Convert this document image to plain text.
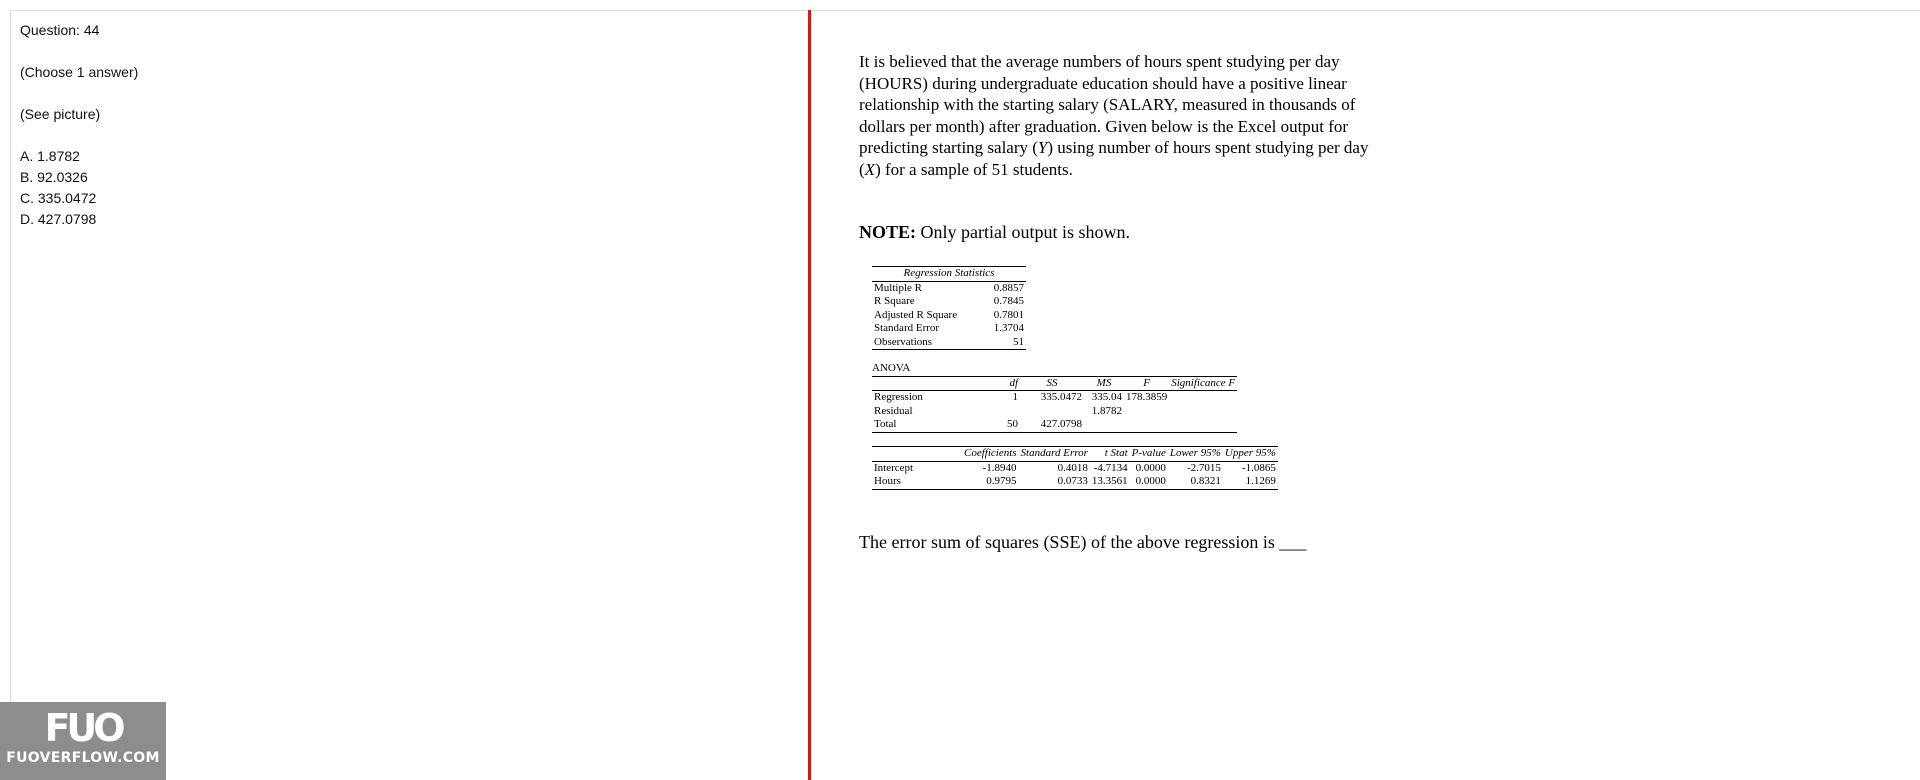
Question: 44
(Choose 1 answer)
(See picture)
A. 1.8782
B. 92.0326
C. 335.0472
D. 427.0798
It is believed that the average numbers of hours spent studying per day (HOURS) during undergraduate education should have a positive linear relationship with the starting salary (SALARY, measured in thousands of dollars per month) after graduation. Given below is the Excel output for predicting starting salary (Y) using number of hours spent studying per day (X) for a sample of 51 students.
NOTE: Only partial output is shown.
Regression Statistics	
Multiple R	0.8857
R Square	0.7845
Adjusted R Square	0.7801
Standard Error	1.3704
Observations	51
ANOVA
	df	SS	MS	F	Significance F
Regression	1	335.0472	335.04	178.3859	
Residual			1.8782		
Total	50	427.0798			
	Coefficients	Standard Error	t Stat	P-value	Lower 95%	Upper 95%
Intercept	-1.8940	0.4018	-4.7134	0.0000	-2.7015	-1.0865
Hours	0.9795	0.0733	13.3561	0.0000	0.8321	1.1269
The error sum of squares (SSE) of the above regression is ___
FUO
FUOVERFLOW.COM
